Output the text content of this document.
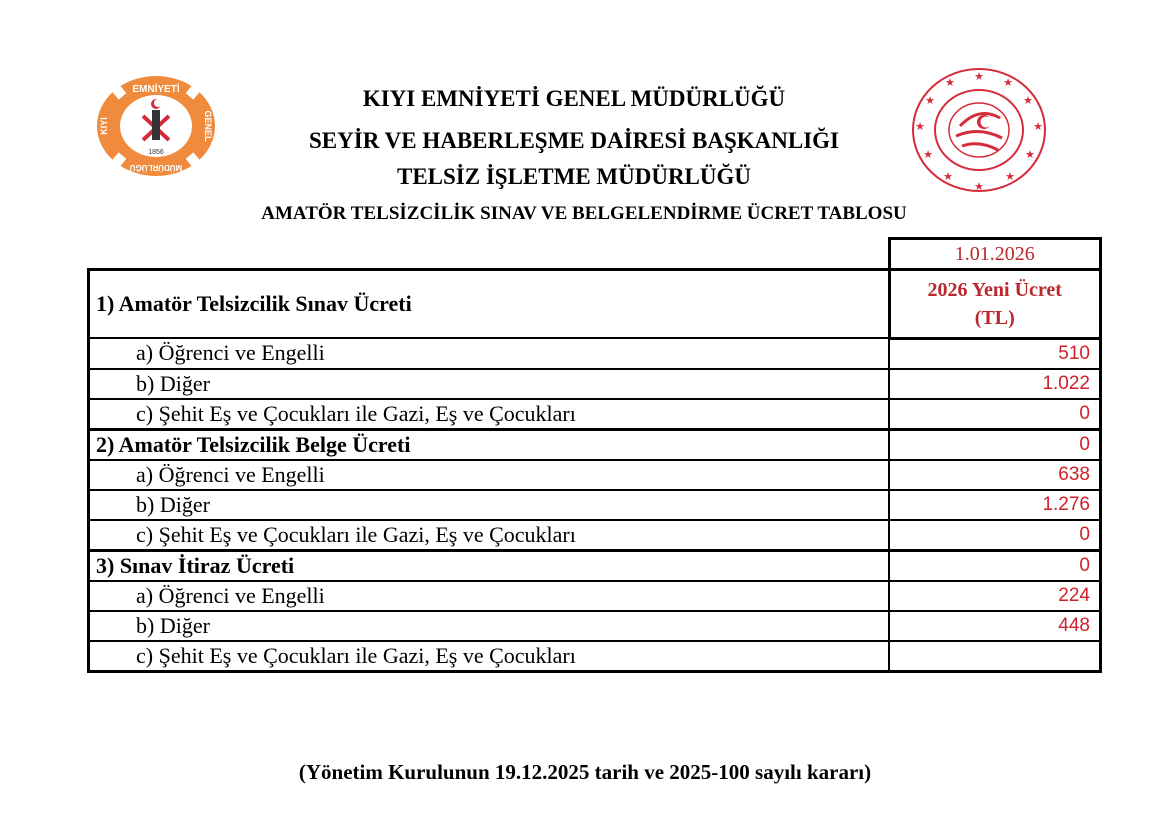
EMNİYETİ
MÜDÜRLÜĞÜ
KIYI	GENEL
1856
★
★	★
★	★
★	★
★	★
★	★
★
KIYI EMNİYETİ GENEL MÜDÜRLÜĞÜ
SEYİR VE HABERLEŞME DAİRESİ BAŞKANLIĞI
TELSİZ İŞLETME MÜDÜRLÜĞÜ
AMATÖR TELSİZCİLİK SINAV VE BELGELENDİRME ÜCRET TABLOSU
	1.01.2026
1) Amatör Telsizcilik Sınav Ücreti	2026 Yeni Ücret (TL)
a) Öğrenci ve Engelli	510
b) Diğer	1.022
c) Şehit Eş ve Çocukları ile Gazi, Eş ve Çocukları	0
2) Amatör Telsizcilik Belge Ücreti	0
a) Öğrenci ve Engelli	638
b) Diğer	1.276
c) Şehit Eş ve Çocukları ile Gazi, Eş ve Çocukları	0
3) Sınav İtiraz Ücreti	0
a) Öğrenci ve Engelli	224
b) Diğer	448
c) Şehit Eş ve Çocukları ile Gazi, Eş ve Çocukları	
(Yönetim Kurulunun 19.12.2025 tarih ve 2025-100 sayılı kararı)
